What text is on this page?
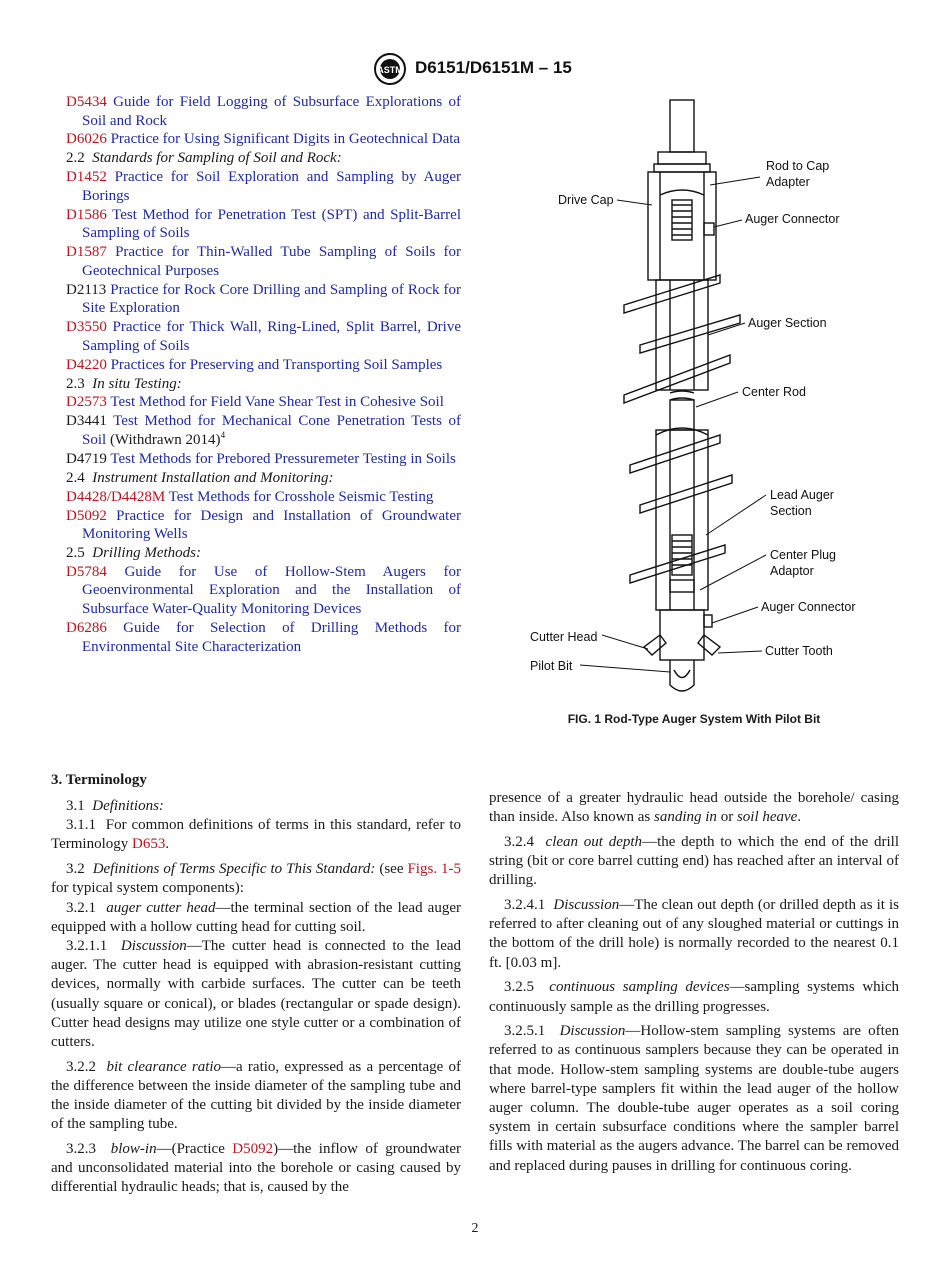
ASTM D6151/D6151M – 15
D5434 Guide for Field Logging of Subsurface Explorations of Soil and Rock
D6026 Practice for Using Significant Digits in Geotechnical Data
2.2 Standards for Sampling of Soil and Rock:
D1452 Practice for Soil Exploration and Sampling by Auger Borings
D1586 Test Method for Penetration Test (SPT) and Split-Barrel Sampling of Soils
D1587 Practice for Thin-Walled Tube Sampling of Soils for Geotechnical Purposes
D2113 Practice for Rock Core Drilling and Sampling of Rock for Site Exploration
D3550 Practice for Thick Wall, Ring-Lined, Split Barrel, Drive Sampling of Soils
D4220 Practices for Preserving and Transporting Soil Samples
2.3 In situ Testing:
D2573 Test Method for Field Vane Shear Test in Cohesive Soil
D3441 Test Method for Mechanical Cone Penetration Tests of Soil (Withdrawn 2014)$^4$
D4719 Test Methods for Prebored Pressuremeter Testing in Soils
2.4 Instrument Installation and Monitoring:
D4428/D4428M Test Methods for Crosshole Seismic Testing
D5092 Practice for Design and Installation of Groundwater Monitoring Wells
2.5 Drilling Methods:
D5784 Guide for Use of Hollow-Stem Augers for Geoenvironmental Exploration and the Installation of Subsurface Water-Quality Monitoring Devices
D6286 Guide for Selection of Drilling Methods for Environmental Site Characterization
Rod to Cap
Adapter
Drive Cap
Auger Connector
Auger Section
Center Rod
Lead Auger
Section
Center Plug
Adaptor
Auger Connector
Cutter Head
Cutter Tooth
Pilot Bit
FIG. 1 Rod-Type Auger System With Pilot Bit
3. Terminology

3.1 Definitions:

3.1.1 For common definitions of terms in this standard, refer to Terminology D653.

3.2 Definitions of Terms Specific to This Standard: (see Figs. 1-5 for typical system components):

3.2.1 auger cutter head—the terminal section of the lead auger equipped with a hollow cutting head for cutting soil.

3.2.1.1 Discussion—The cutter head is connected to the lead auger. The cutter head is equipped with abrasion-resistant cutting devices, normally with carbide surfaces. The cutter can be teeth (usually square or conical), or blades (rectangular or spade design). Cutter head designs may utilize one style cutter or a combination of cutters.

3.2.2 bit clearance ratio—a ratio, expressed as a percentage of the difference between the inside diameter of the sampling tube and the inside diameter of the cutting bit divided by the inside diameter of the sampling tube.

3.2.3 blow-in—(Practice D5092)—the inflow of groundwater and unconsolidated material into the borehole or casing caused by differential hydraulic heads; that is, caused by the

presence of a greater hydraulic head outside the borehole/ casing than inside. Also known as sanding in or soil heave.

3.2.4 clean out depth—the depth to which the end of the drill string (bit or core barrel cutting end) has reached after an interval of drilling.

3.2.4.1 Discussion—The clean out depth (or drilled depth as it is referred to after cleaning out of any sloughed material or cuttings in the bottom of the drill hole) is normally recorded to the nearest 0.1 ft. [0.03 m].

3.2.5 continuous sampling devices—sampling systems which continuously sample as the drilling progresses.

3.2.5.1 Discussion—Hollow-stem sampling systems are often referred to as continuous samplers because they can be operated in that mode. Hollow-stem sampling systems are double-tube augers where barrel-type samplers fit within the lead auger of the hollow auger column. The double-tube auger operates as a soil coring system in certain subsurface conditions where the sampler barrel fills with material as the augers advance. The barrel can be removed and replaced during pauses in drilling for continuous coring.

2
